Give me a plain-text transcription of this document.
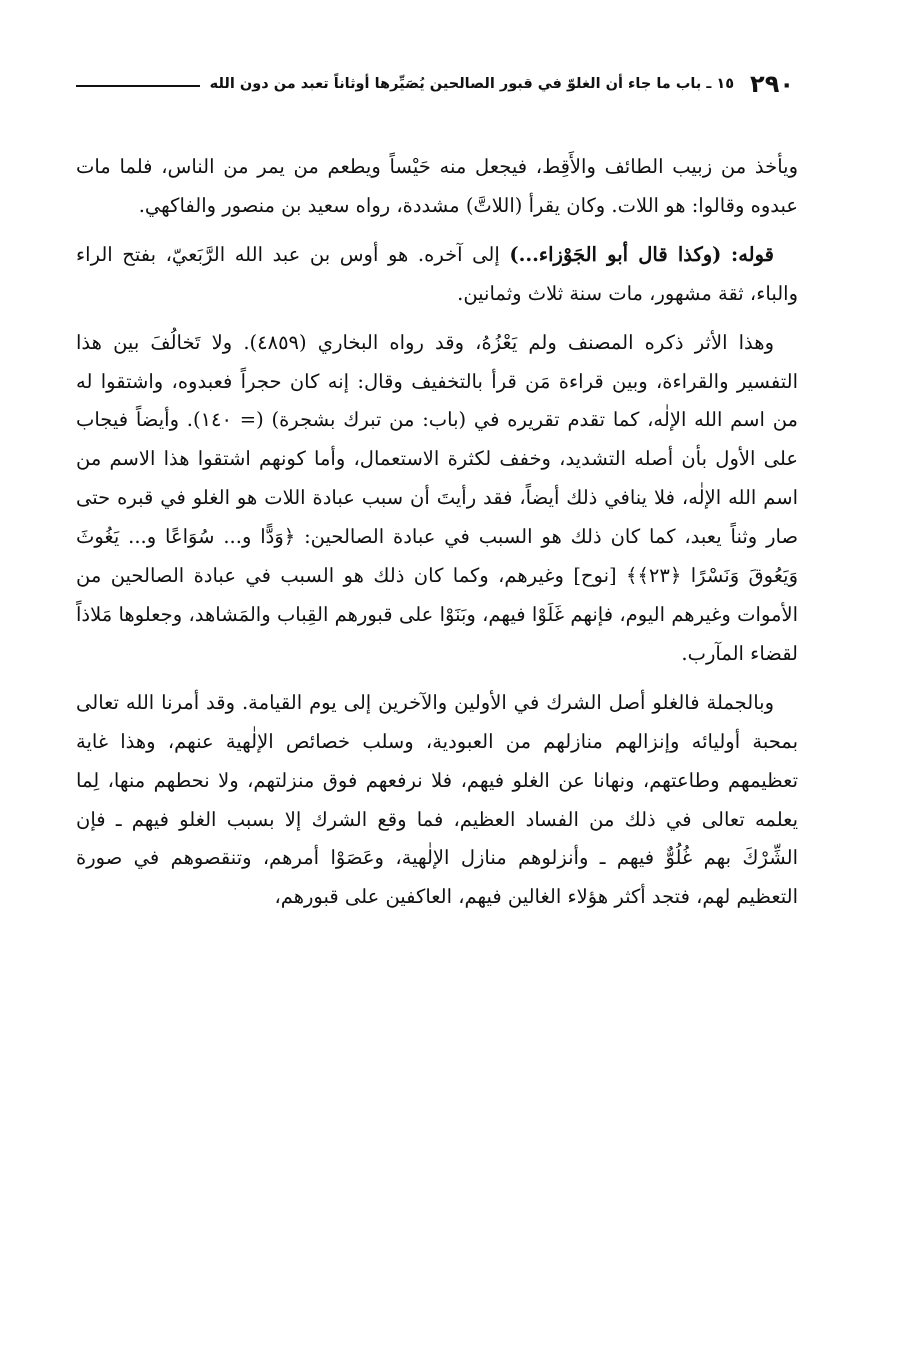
٢٩٠
١٥ ـ باب ما جاء أن الغلوّ في قبور الصالحين يُصَيِّرها أوثاناً تعبد من دون الله

ويأخذ من زبيب الطائف والأَقِط، فيجعل منه حَيْساً ويطعم من يمر من الناس، فلما مات عبدوه وقالوا: هو اللات. وكان يقرأ (اللاتَّ) مشددة، رواه سعيد بن منصور والفاكهي.

قوله: (وكذا قال أبو الجَوْزاء...) إلى آخره. هو أوس بن عبد الله الرَّبَعيّ، بفتح الراء والباء، ثقة مشهور، مات سنة ثلاث وثمانين.

وهذا الأثر ذكره المصنف ولم يَعْزُهُ، وقد رواه البخاري (٤٨٥٩). ولا تَخالُفَ بين هذا التفسير والقراءة، وبين قراءة مَن قرأ بالتخفيف وقال: إنه كان حجراً فعبدوه، واشتقوا له من اسم الله الإلٰه، كما تقدم تقريره في (باب: من تبرك بشجرة) (= ١٤٠). وأيضاً فيجاب على الأول بأن أصله التشديد، وخفف لكثرة الاستعمال، وأما كونهم اشتقوا هذا الاسم من اسم الله الإلٰه، فلا ينافي ذلك أيضاً، فقد رأيتَ أن سبب عبادة اللات هو الغلو في قبره حتى صار وثناً يعبد، كما كان ذلك هو السبب في عبادة الصالحين: ﴿وَدًّا و... سُوَاعًا و... يَغُوثَ وَيَعُوقَ وَنَسْرًا ﴿٢٣﴾﴾ [نوح] وغيرهم، وكما كان ذلك هو السبب في عبادة الصالحين من الأموات وغيرهم اليوم، فإنهم غَلَوْا فيهم، وبَنَوْا على قبورهم القِباب والمَشاهد، وجعلوها مَلاذاً لقضاء المآرب.

وبالجملة فالغلو أصل الشرك في الأولين والآخرين إلى يوم القيامة. وقد أمرنا الله تعالى بمحبة أوليائه وإنزالهم منازلهم من العبودية، وسلب خصائص الإلٰهية عنهم، وهذا غاية تعظيمهم وطاعتهم، ونهانا عن الغلو فيهم، فلا نرفعهم فوق منزلتهم، ولا نحطهم منها، لِما يعلمه تعالى في ذلك من الفساد العظيم، فما وقع الشرك إلا بسبب الغلو فيهم ـ فإن الشِّرْكَ بهم غُلُوٌّ فيهم ـ وأنزلوهم منازل الإلٰهية، وعَصَوْا أمرهم، وتنقصوهم في صورة التعظيم لهم، فتجد أكثر هؤلاء الغالين فيهم، العاكفين على قبورهم،
